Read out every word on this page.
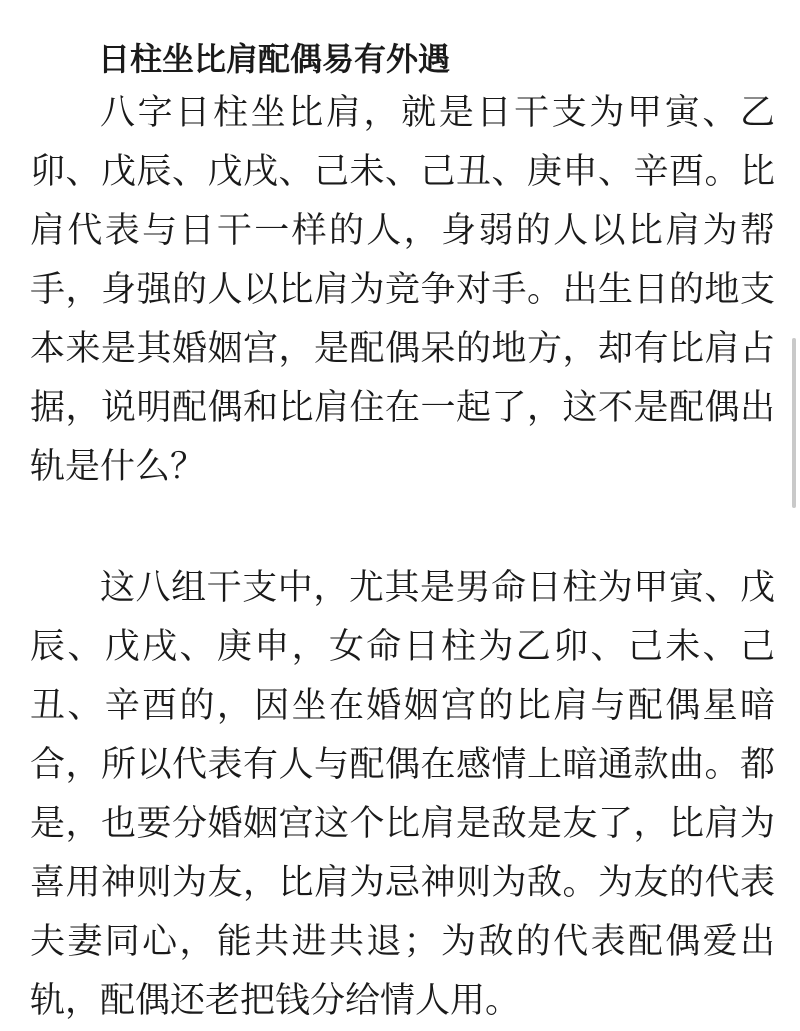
日柱坐比肩配偶易有外遇

八字日柱坐比肩，就是日干支为甲寅、乙卯、戊辰、戊戌、己未、己丑、庚申、辛酉。比肩代表与日干一样的人，身弱的人以比肩为帮手，身强的人以比肩为竞争对手。出生日的地支本来是其婚姻宫，是配偶呆的地方，却有比肩占据，说明配偶和比肩住在一起了，这不是配偶出轨是什么？

这八组干支中，尤其是男命日柱为甲寅、戊辰、戊戌、庚申，女命日柱为乙卯、己未、己丑、辛酉的，因坐在婚姻宫的比肩与配偶星暗合，所以代表有人与配偶在感情上暗通款曲。都是，也要分婚姻宫这个比肩是敌是友了，比肩为喜用神则为友，比肩为忌神则为敌。为友的代表夫妻同心，能共进共退；为敌的代表配偶爱出轨，配偶还老把钱分给情人用。
